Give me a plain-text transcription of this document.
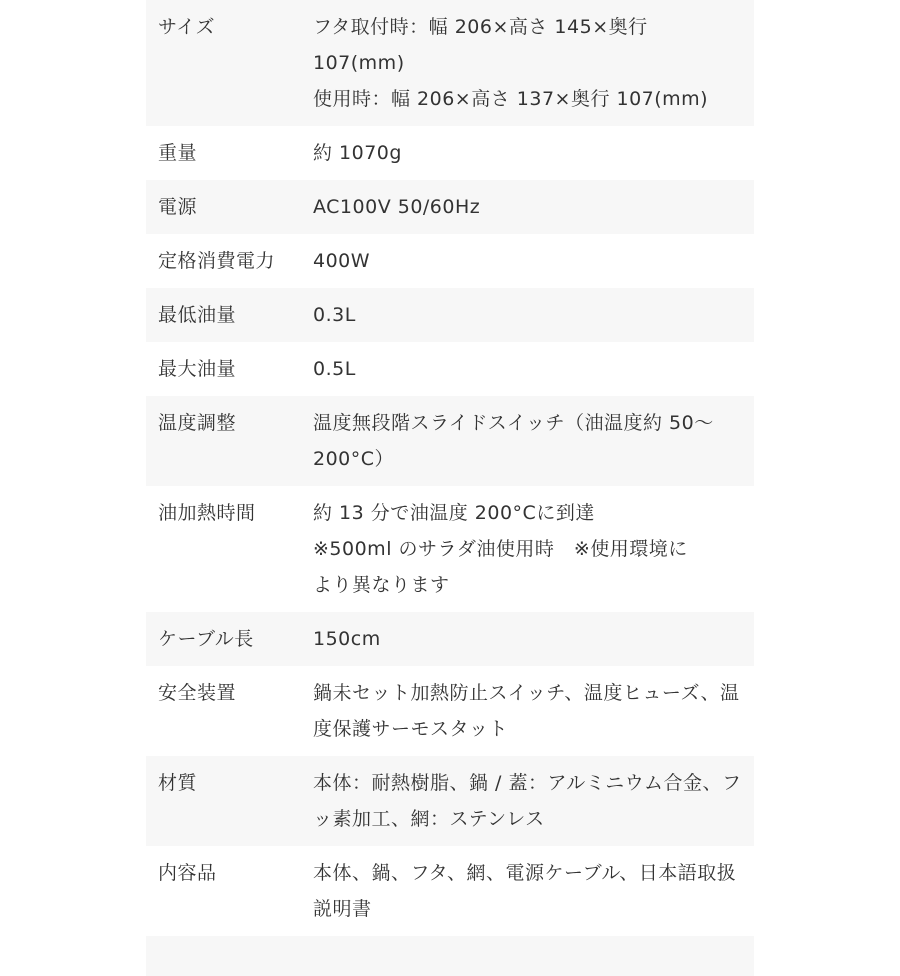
サイズ	フタ取付時：幅 206×高さ 145×奥行
107(mm)
使用時：幅 206×高さ 137×奥行 107(mm)
重量	約 1070g
電源	AC100V 50/60Hz
定格消費電力	400W
最低油量	0.3L
最大油量	0.5L
温度調整	温度無段階スライドスイッチ（油温度約 50～
200°C）
油加熱時間	約 13 分で油温度 200°Cに到達
※500ml のサラダ油使用時　※使用環境に
より異なります
ケーブル長	150cm
安全装置	鍋未セット加熱防止スイッチ、温度ヒューズ、温
度保護サーモスタット
材質	本体：耐熱樹脂、鍋 / 蓋：アルミニウム合金、フ
ッ素加工、網：ステンレス
内容品	本体、鍋、フタ、網、電源ケーブル、日本語取扱
説明書
